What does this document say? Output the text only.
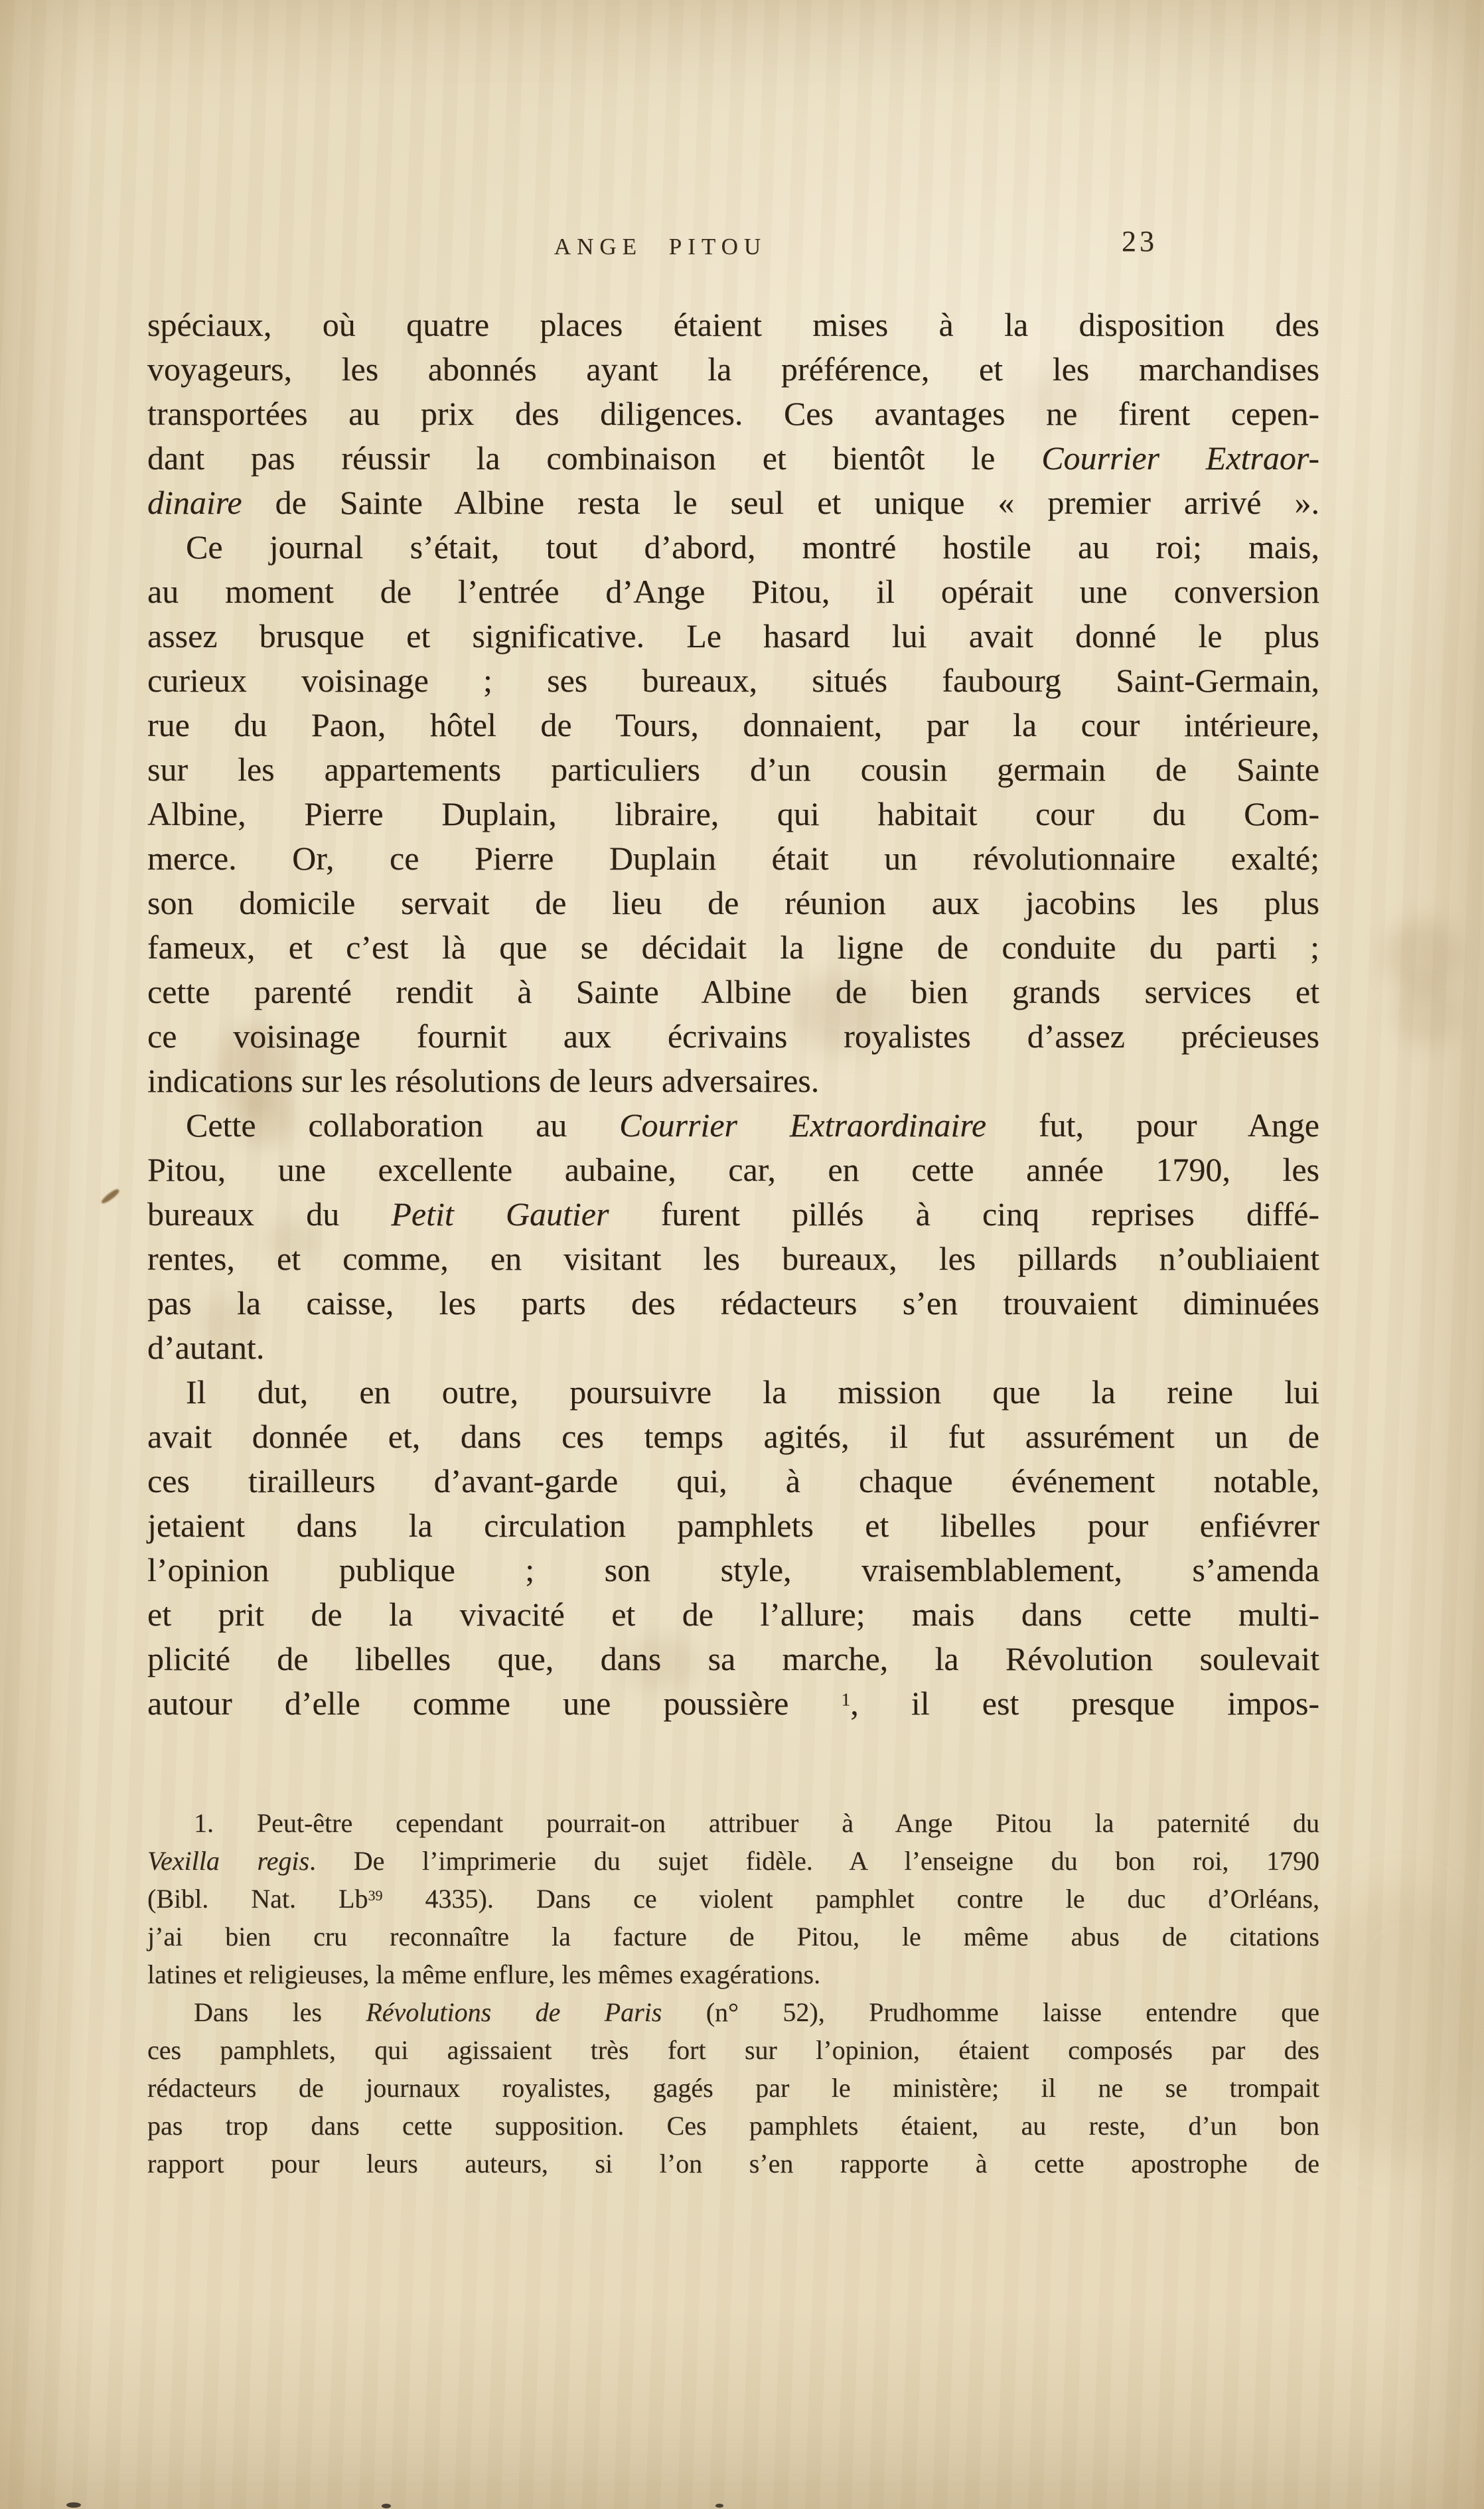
ANGE PITOU	23
spéciaux, où quatre places étaient mises à la disposition des
voyageurs, les abonnés ayant la préférence, et les marchandises
transportées au prix des diligences. Ces avantages ne firent cepen-
dant pas réussir la combinaison et bientôt le Courrier Extraor-
dinaire de Sainte Albine resta le seul et unique « premier arrivé ».
Ce journal s’était, tout d’abord, montré hostile au roi; mais,
au moment de l’entrée d’Ange Pitou, il opérait une conversion
assez brusque et significative. Le hasard lui avait donné le plus
curieux voisinage ; ses bureaux, situés faubourg Saint-Germain,
rue du Paon, hôtel de Tours, donnaient, par la cour intérieure,
sur les appartements particuliers d’un cousin germain de Sainte
Albine, Pierre Duplain, libraire, qui habitait cour du Com-
merce. Or, ce Pierre Duplain était un révolutionnaire exalté;
son domicile servait de lieu de réunion aux jacobins les plus
fameux, et c’est là que se décidait la ligne de conduite du parti ;
cette parenté rendit à Sainte Albine de bien grands services et
ce voisinage fournit aux écrivains royalistes d’assez précieuses
indications sur les résolutions de leurs adversaires.
Cette collaboration au Courrier Extraordinaire fut, pour Ange
Pitou, une excellente aubaine, car, en cette année 1790, les
bureaux du Petit Gautier furent pillés à cinq reprises diffé-
rentes, et comme, en visitant les bureaux, les pillards n’oubliaient
pas la caisse, les parts des rédacteurs s’en trouvaient diminuées
d’autant.
Il dut, en outre, poursuivre la mission que la reine lui
avait donnée et, dans ces temps agités, il fut assurément un de
ces tirailleurs d’avant-garde qui, à chaque événement notable,
jetaient dans la circulation pamphlets et libelles pour enfiévrer
l’opinion publique ; son style, vraisemblablement, s’amenda
et prit de la vivacité et de l’allure; mais dans cette multi-
plicité de libelles que, dans sa marche, la Révolution soulevait
autour d’elle comme une poussière $^1$, il est presque impos-
1. Peut-être cependant pourrait-on attribuer à Ange Pitou la paternité du
Vexilla regis. De l’imprimerie du sujet fidèle. A l’enseigne du bon roi, 1790
(Bibl. Nat. Lb$^{39}$ 4335). Dans ce violent pamphlet contre le duc d’Orléans,
j’ai bien cru reconnaître la facture de Pitou, le même abus de citations
latines et religieuses, la même enflure, les mêmes exagérations.
Dans les Révolutions de Paris (n° 52), Prudhomme laisse entendre que
ces pamphlets, qui agissaient très fort sur l’opinion, étaient composés par des
rédacteurs de journaux royalistes, gagés par le ministère; il ne se trompait
pas trop dans cette supposition. Ces pamphlets étaient, au reste, d’un bon
rapport pour leurs auteurs, si l’on s’en rapporte à cette apostrophe de
